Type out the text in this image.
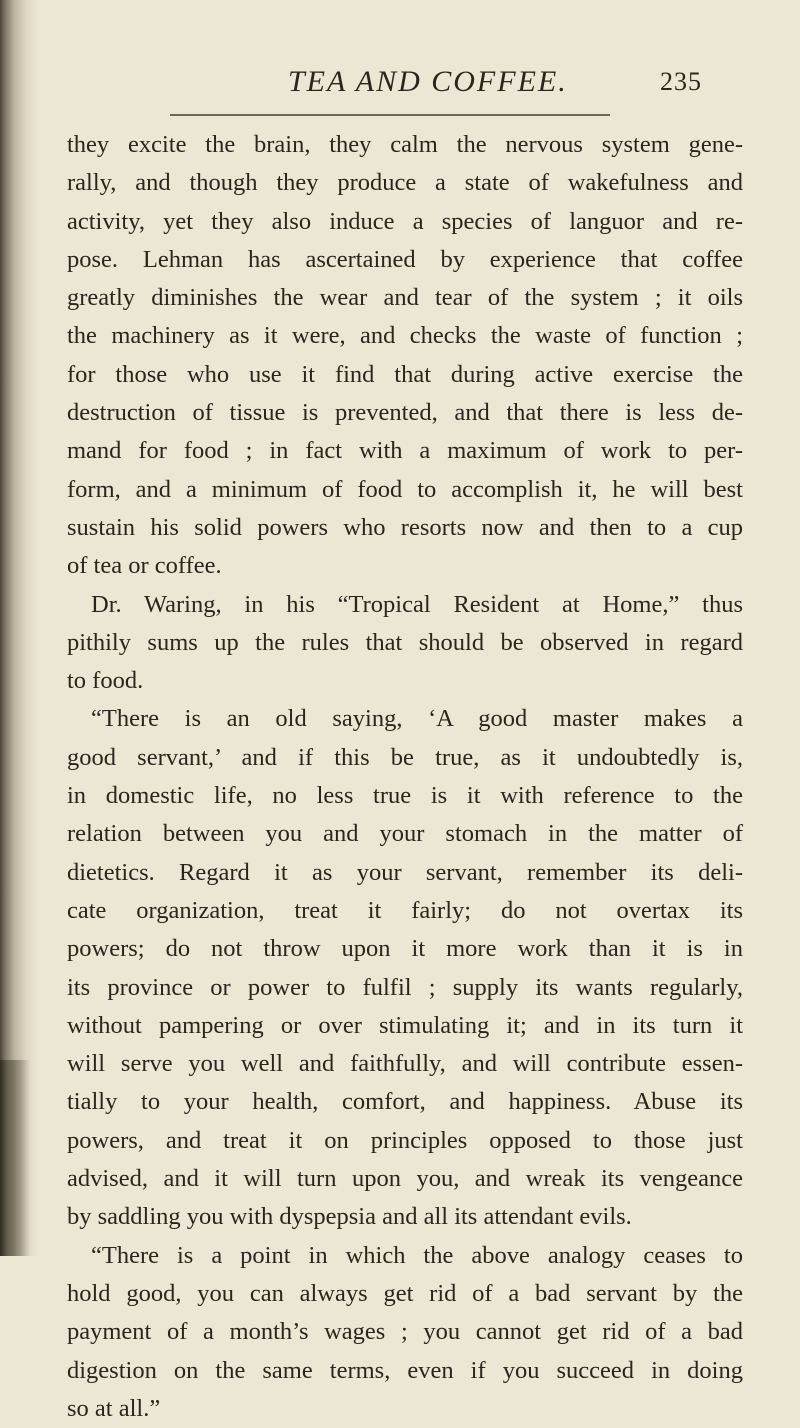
TEA AND COFFEE.	235
they excite the brain, they calm the nervous system gene-
rally, and though they produce a state of wakefulness and
activity, yet they also induce a species of languor and re-
pose. Lehman has ascertained by experience that coffee
greatly diminishes the wear and tear of the system ; it oils
the machinery as it were, and checks the waste of function ;
for those who use it find that during active exercise the
destruction of tissue is prevented, and that there is less de-
mand for food ; in fact with a maximum of work to per-
form, and a minimum of food to accomplish it, he will best
sustain his solid powers who resorts now and then to a cup
of tea or coffee.
Dr. Waring, in his “Tropical Resident at Home,” thus
pithily sums up the rules that should be observed in regard
to food.
“There is an old saying, ‘A good master makes a
good servant,’ and if this be true, as it undoubtedly is,
in domestic life, no less true is it with reference to the
relation between you and your stomach in the matter of
dietetics. Regard it as your servant, remember its deli-
cate organization, treat it fairly; do not overtax its
powers; do not throw upon it more work than it is in
its province or power to fulfil ; supply its wants regularly,
without pampering or over stimulating it; and in its turn it
will serve you well and faithfully, and will contribute essen-
tially to your health, comfort, and happiness. Abuse its
powers, and treat it on principles opposed to those just
advised, and it will turn upon you, and wreak its vengeance
by saddling you with dyspepsia and all its attendant evils.
“There is a point in which the above analogy ceases to
hold good, you can always get rid of a bad servant by the
payment of a month’s wages ; you cannot get rid of a bad
digestion on the same terms, even if you succeed in doing
so at all.”
